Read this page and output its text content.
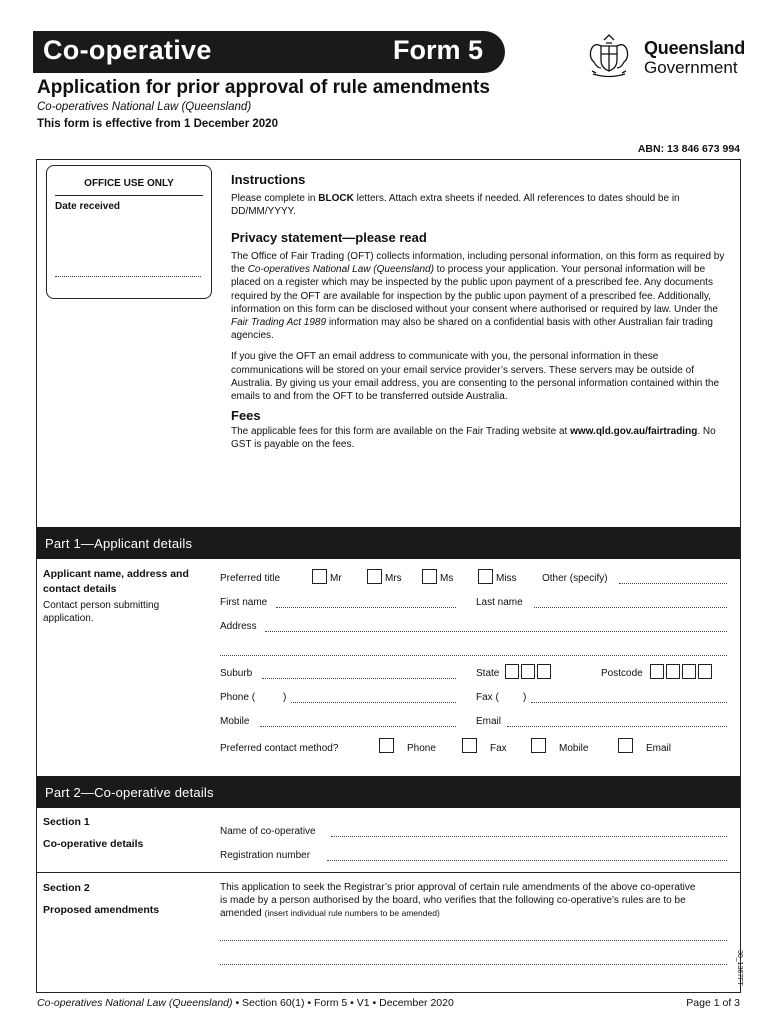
Co-operative	Form 5	Queensland
Government
Application for prior approval of rule amendments
Co-operatives National Law (Queensland)
This form is effective from 1 December 2020
ABN: 13 846 673 994
OFFICE USE ONLY
Date received
Instructions
Please complete in BLOCK letters. Attach extra sheets if needed. All references to dates should be in DD/MM/YYYY.
Privacy statement—please read
The Office of Fair Trading (OFT) collects information, including personal information, on this form as required by the Co-operatives National Law (Queensland) to process your application. Your personal information will be placed on a register which may be inspected by the public upon payment of a prescribed fee. Any documents required by the OFT are available for inspection by the public upon payment of a prescribed fee. Additionally, information on this form can be disclosed without your consent where authorised or required by law. Under the Fair Trading Act 1989 information may also be shared on a confidential basis with other Australian fair trading agencies.
If you give the OFT an email address to communicate with you, the personal information in these communications will be stored on your email service provider’s servers. These servers may be outside of Australia. By giving us your email address, you are consenting to the personal information contained within the emails to and from the OFT to be transferred outside Australia.
Fees
The applicable fees for this form are available on the Fair Trading website at www.qld.gov.au/fairtrading. No GST is payable on the fees.
Part 1—Applicant details
Applicant name, address and contact details
Contact person submitting application.
Preferred title	Mr	Mrs	Ms	Miss	Other (specify)
First name	Last name
Address
Suburb	State	Postcode
Phone (	)	Fax ( )
Mobile	Email
Preferred contact method?	Phone	Fax	Mobile	Email
Part 2—Co-operative details
Section 1
Co-operative details
Name of co-operative
Registration number
Section 2
Proposed amendments
This application to seek the Registrar’s prior approval of certain rule amendments of the above co-operative is made by a person authorised by the board, who verifies that the following co-operative’s rules are to be amended (insert individual rule numbers to be amended)
30_1367FT
Co-operatives National Law (Queensland) • Section 60(1) • Form 5 • V1 • December 2020	Page 1 of 3
